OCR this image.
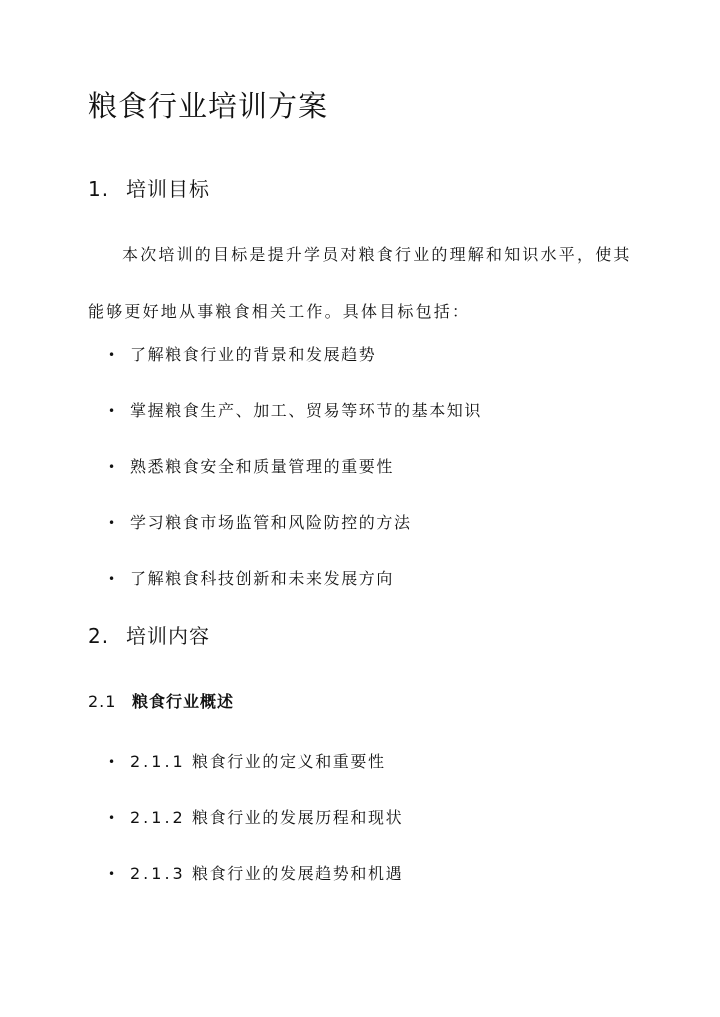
粮食行业培训方案
1. 培训目标

本次培训的目标是提升学员对粮食行业的理解和知识水平，使其能够更好地从事粮食相关工作。具体目标包括：

• 了解粮食行业的背景和发展趋势
• 掌握粮食生产、加工、贸易等环节的基本知识
• 熟悉粮食安全和质量管理的重要性
• 学习粮食市场监管和风险防控的方法
• 了解粮食科技创新和未来发展方向
2. 培训内容
2.1 粮食行业概述
• 2.1.1 粮食行业的定义和重要性
• 2.1.2 粮食行业的发展历程和现状
• 2.1.3 粮食行业的发展趋势和机遇
